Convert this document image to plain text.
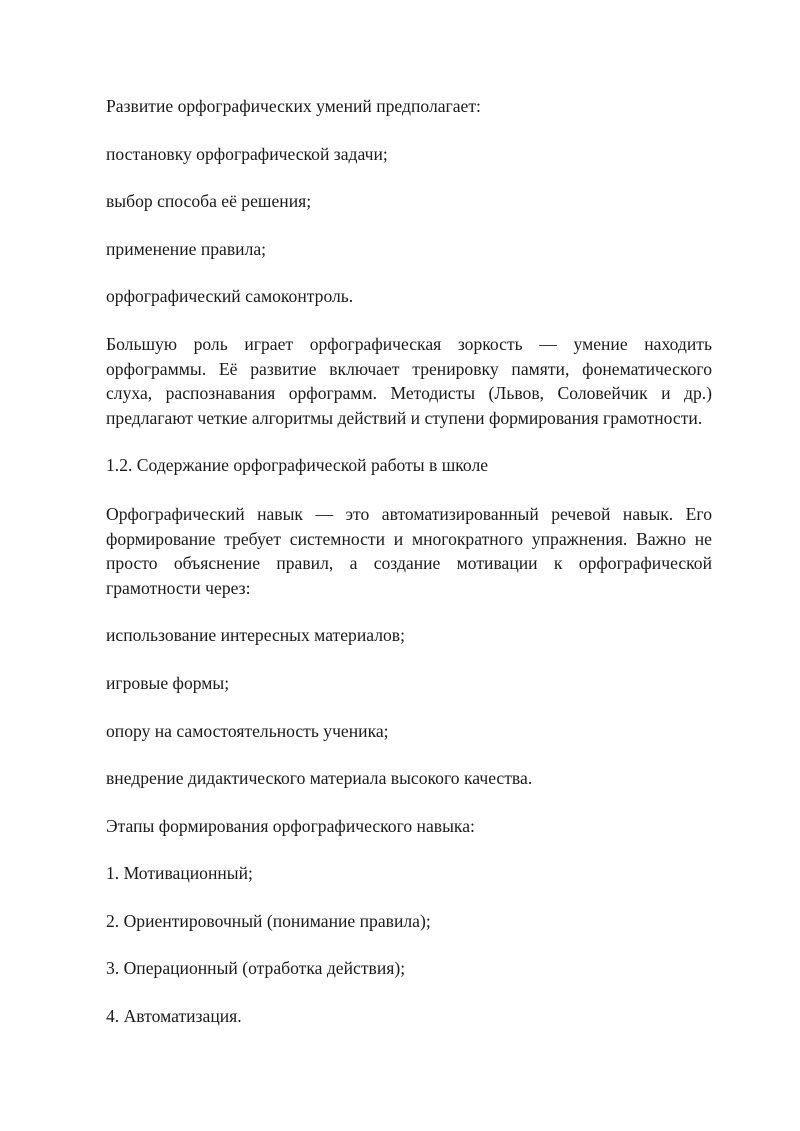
Развитие орфографических умений предполагает:

постановку орфографической задачи;

выбор способа её решения;

применение правила;

орфографический самоконтроль.

Большую роль играет орфографическая зоркость — умение находить орфограммы. Её развитие включает тренировку памяти, фонематического слуха, распознавания орфограмм. Методисты (Львов, Соловейчик и др.) предлагают четкие алгоритмы действий и ступени формирования грамотности.

1.2. Содержание орфографической работы в школе

Орфографический навык — это автоматизированный речевой навык. Его формирование требует системности и многократного упражнения. Важно не просто объяснение правил, а создание мотивации к орфографической грамотности через:

использование интересных материалов;

игровые формы;

опору на самостоятельность ученика;

внедрение дидактического материала высокого качества.

Этапы формирования орфографического навыка:

1. Мотивационный;

2. Ориентировочный (понимание правила);

3. Операционный (отработка действия);

4. Автоматизация.
